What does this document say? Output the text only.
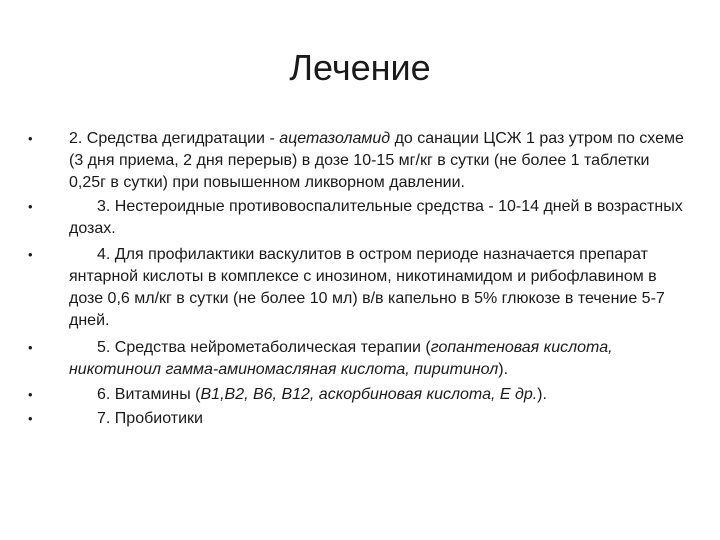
Лечение
•	2. Средства дегидратации - ацетазоламид до санации ЦСЖ 1 раз утром по схеме (3 дня приема, 2 дня перерыв) в дозе 10-15 мг/кг в сутки (не более 1 таблетки 0,25г в сутки) при повышенном ликворном давлении.
•	3. Нестероидные противовоспалительные средства - 10-14 дней в возрастных дозах.
•	4. Для профилактики васкулитов в остром периоде назначается препарат янтарной кислоты в комплексе с инозином, никотинамидом и рибофлавином в дозе 0,6 мл/кг в сутки (не более 10 мл) в/в капельно в 5% глюкозе в течение 5-7 дней.
•	5. Средства нейрометаболическая терапии (гопантеновая кислота, никотиноил гамма-аминомасляная кислота, пиритинол).
•	6. Витамины (В1,В2, В6, В12, аскорбиновая кислота, Е др.).
•	7. Пробиотики
